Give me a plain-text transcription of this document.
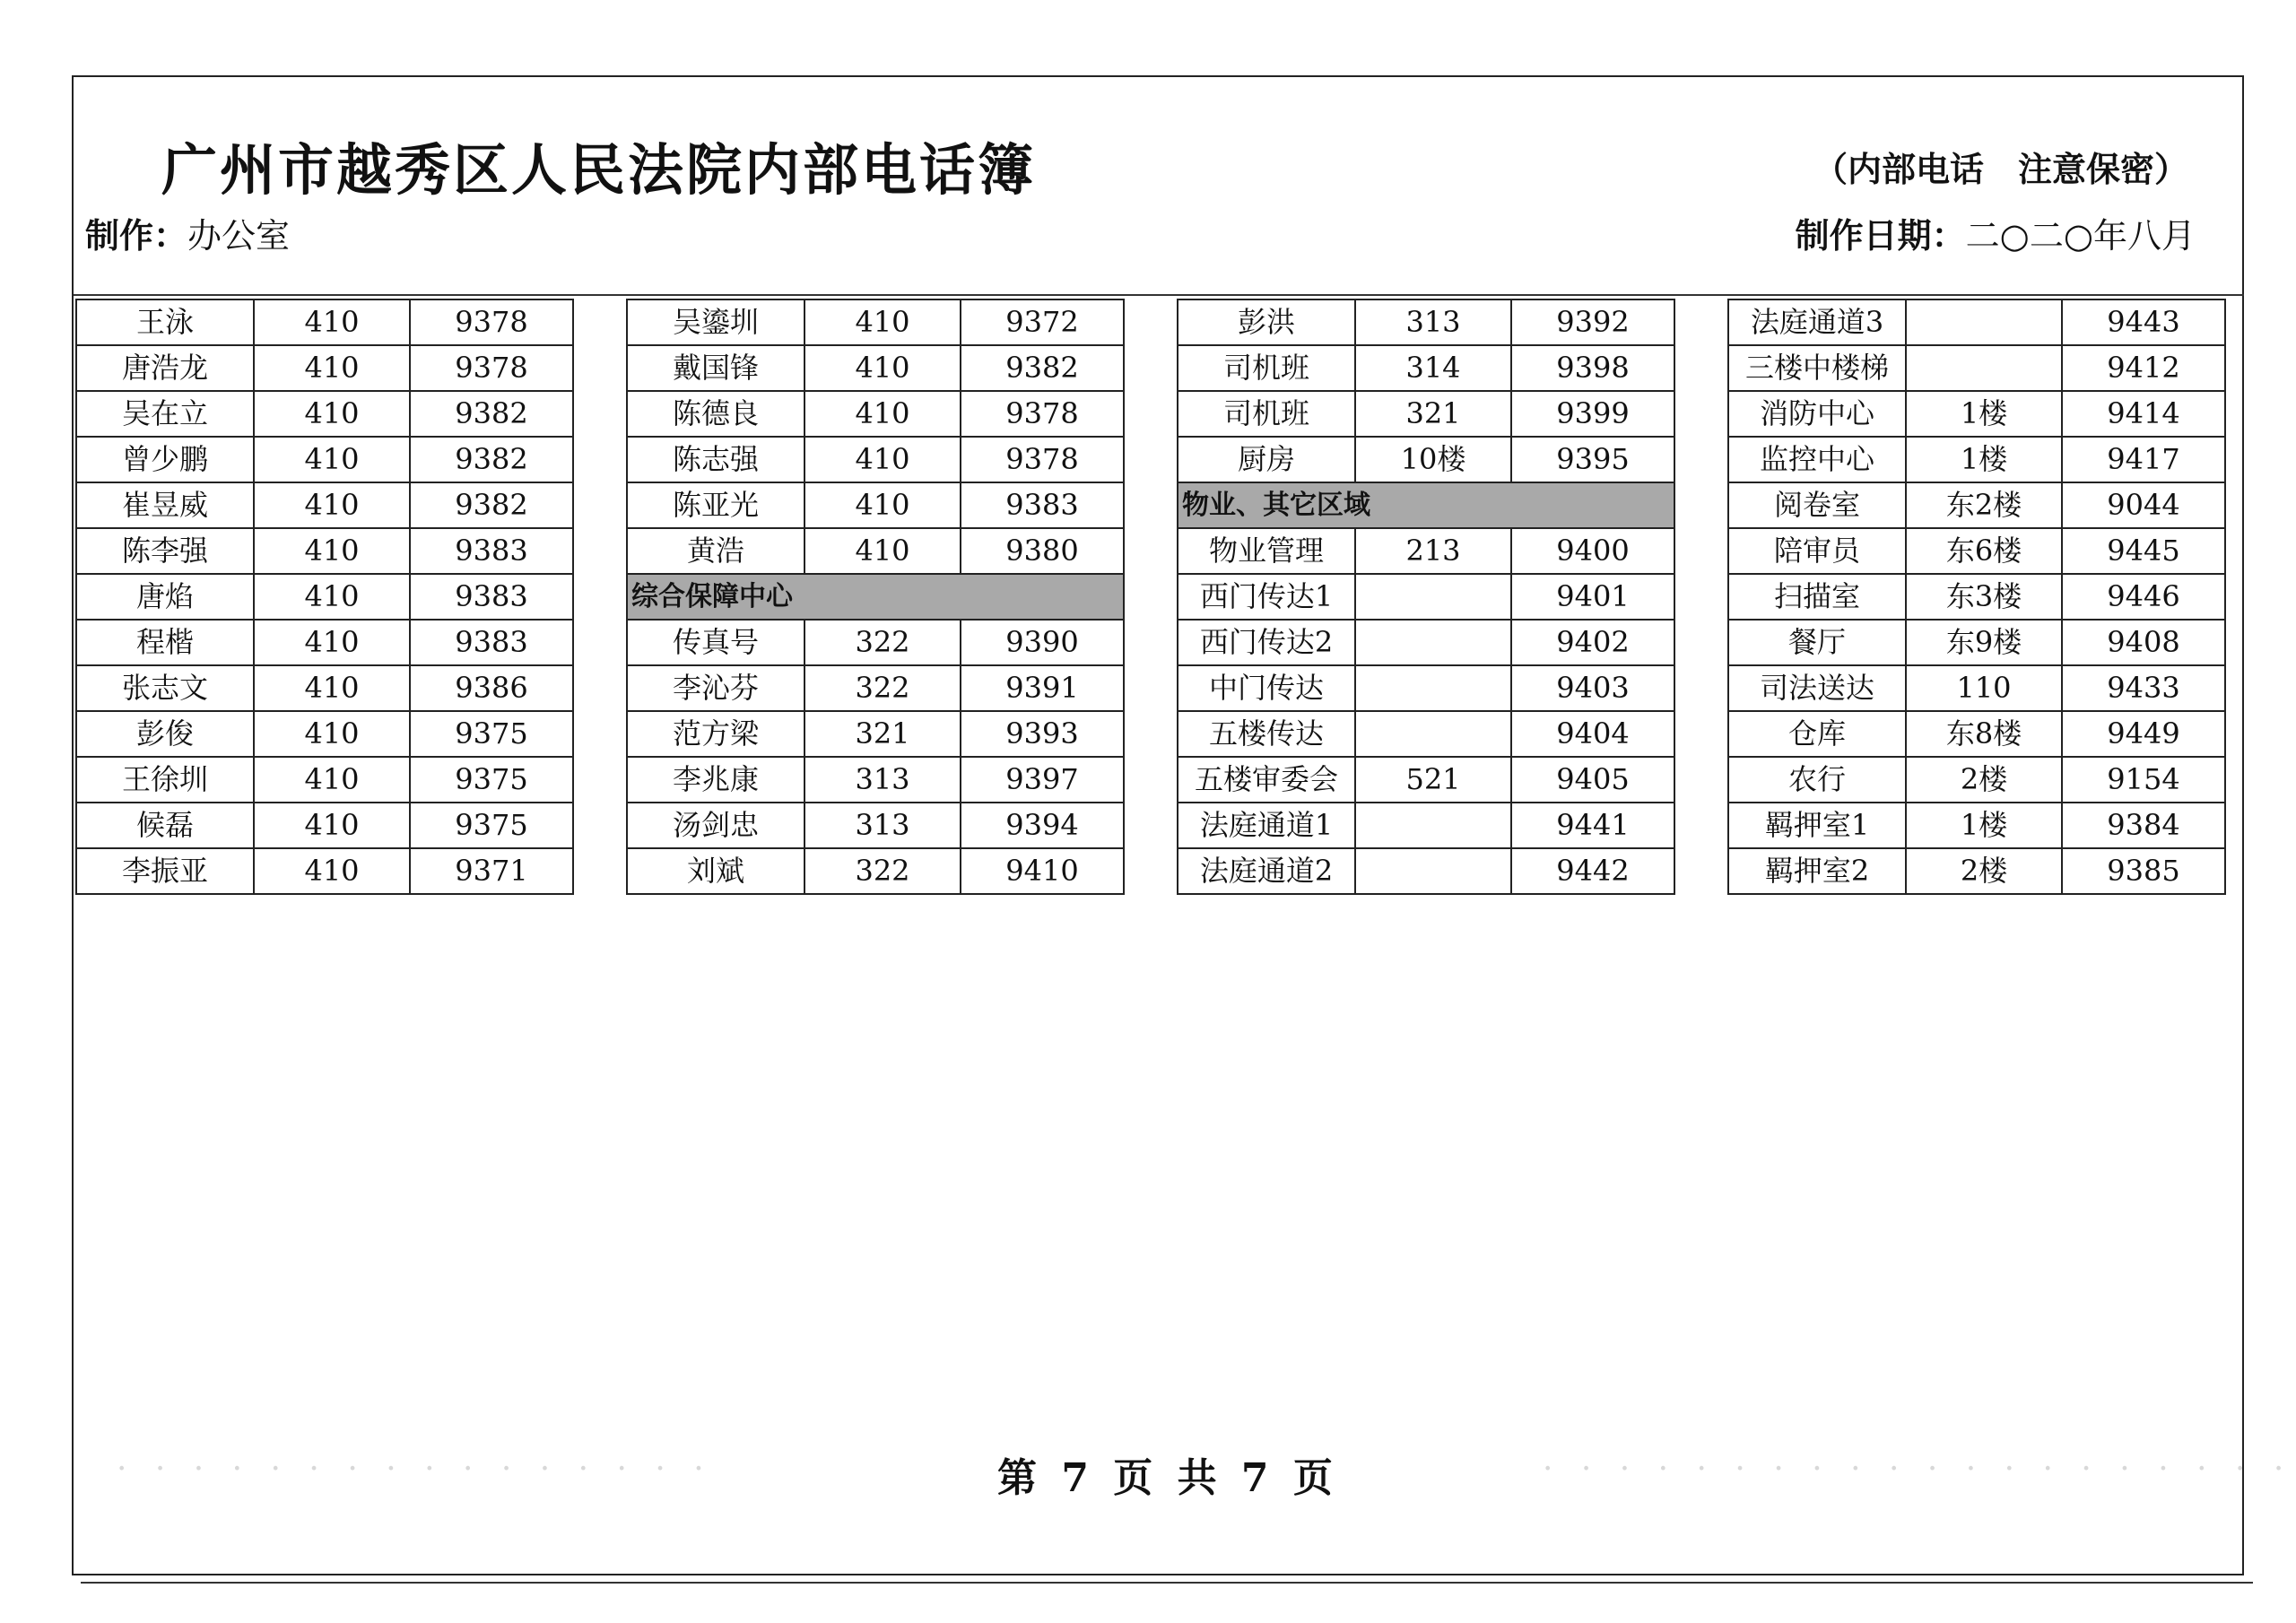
广州市越秀区人民法院内部电话簿	（内部电话　注意保密）
制作：办公室	制作日期：二○二○年八月
王泳	410	9378
唐浩龙	410	9378
吴在立	410	9382
曾少鹏	410	9382
崔昱威	410	9382
陈李强	410	9383
唐焰	410	9383
程楷	410	9383
张志文	410	9386
彭俊	410	9375
王徐圳	410	9375
候磊	410	9375
李振亚	410	9371
吴鎏圳	410	9372
戴国锋	410	9382
陈德良	410	9378
陈志强	410	9378
陈亚光	410	9383
黄浩	410	9380
综合保障中心		
传真号	322	9390
李沁芬	322	9391
范方梁	321	9393
李兆康	313	9397
汤剑忠	313	9394
刘斌	322	9410
彭洪	313	9392
司机班	314	9398
司机班	321	9399
厨房	10楼	9395
物业、其它区域		
物业管理	213	9400
西门传达1		9401
西门传达2		9402
中门传达		9403
五楼传达		9404
五楼审委会	521	9405
法庭通道1		9441
法庭通道2		9442
法庭通道3		9443
三楼中楼梯		9412
消防中心	1楼	9414
监控中心	1楼	9417
阅卷室	东2楼	9044
陪审员	东6楼	9445
扫描室	东3楼	9446
餐厅	东9楼	9408
司法送达	110	9433
仓库	东8楼	9449
农行	2楼	9154
羁押室1	1楼	9384
羁押室2	2楼	9385
· · · · · · · · · · · · · · · ·	· · · · · · · · · · · · · · · · · · · ·
第 7 页 共 7 页
